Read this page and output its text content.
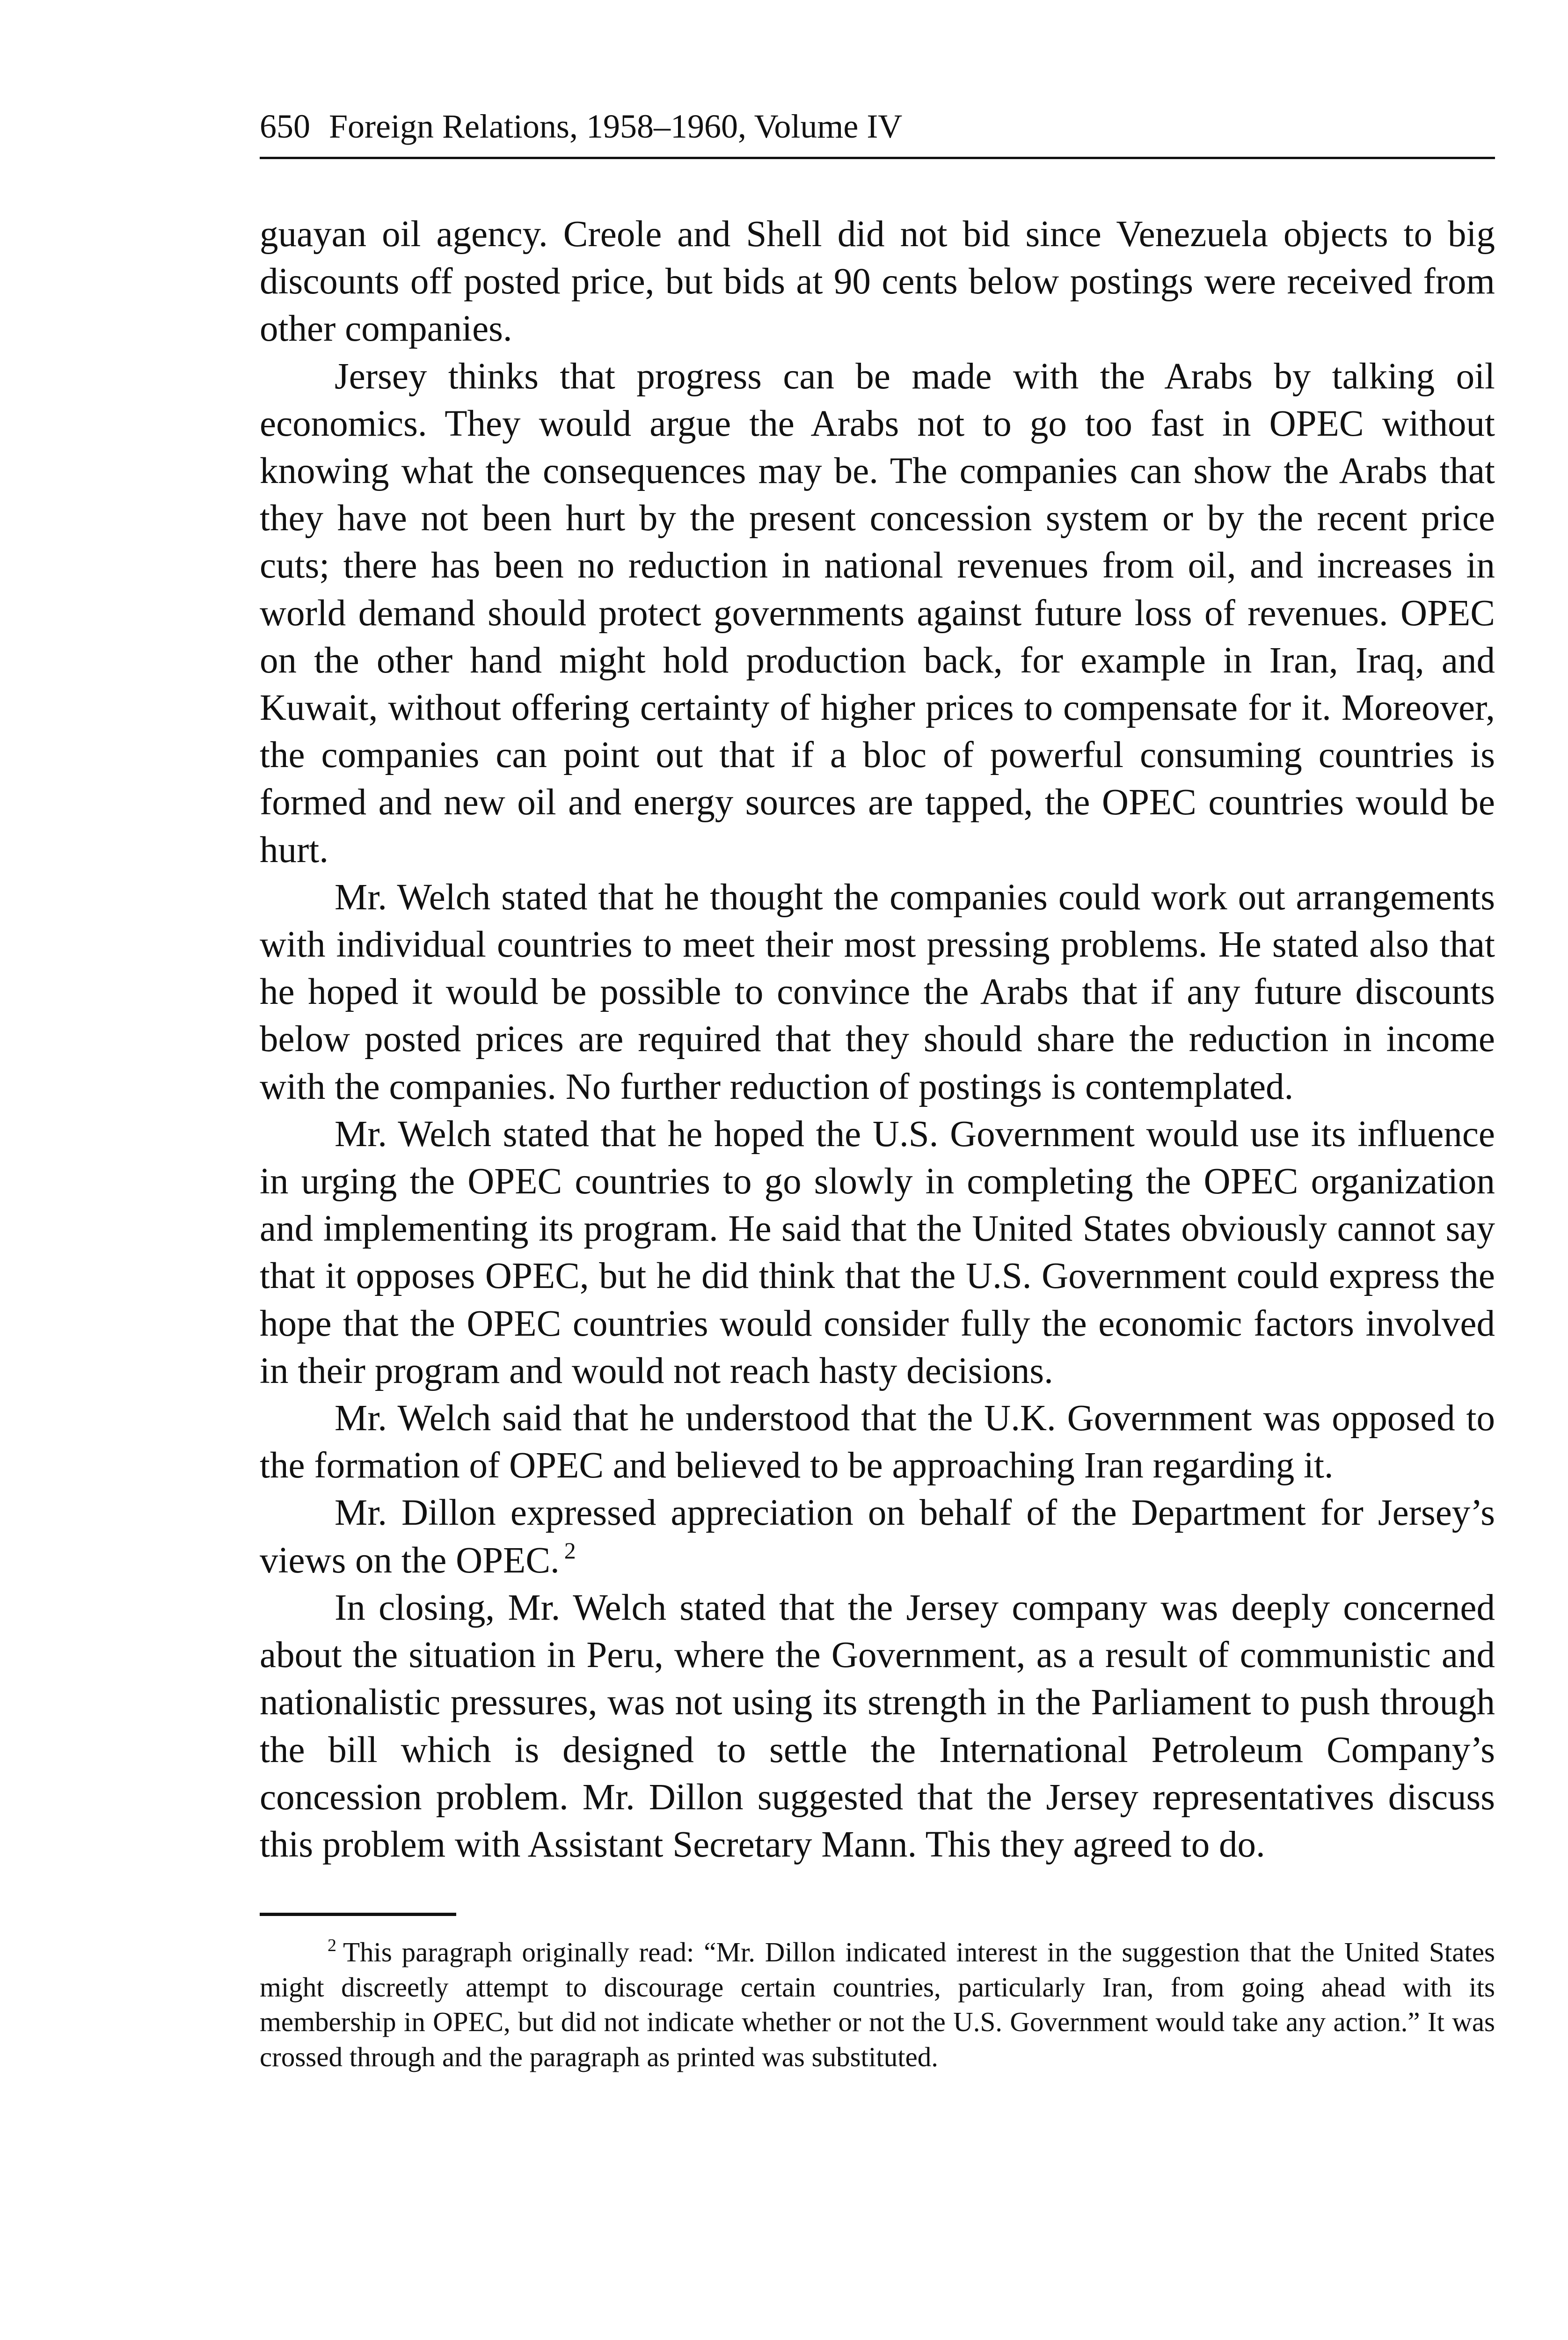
650 Foreign Relations, 1958–1960, Volume IV

guayan oil agency. Creole and Shell did not bid since Venezuela objects to big discounts off posted price, but bids at 90 cents below postings were received from other companies.

Jersey thinks that progress can be made with the Arabs by talking oil economics. They would argue the Arabs not to go too fast in OPEC without knowing what the consequences may be. The companies can show the Arabs that they have not been hurt by the present concession system or by the recent price cuts; there has been no reduction in national revenues from oil, and increases in world demand should protect governments against future loss of revenues. OPEC on the other hand might hold production back, for example in Iran, Iraq, and Kuwait, without offering certainty of higher prices to compensate for it. Moreover, the companies can point out that if a bloc of powerful consuming countries is formed and new oil and energy sources are tapped, the OPEC countries would be hurt.

Mr. Welch stated that he thought the companies could work out arrangements with individual countries to meet their most pressing problems. He stated also that he hoped it would be possible to convince the Arabs that if any future discounts below posted prices are required that they should share the reduction in income with the companies. No further reduction of postings is contemplated.

Mr. Welch stated that he hoped the U.S. Government would use its influence in urging the OPEC countries to go slowly in completing the OPEC organization and implementing its program. He said that the United States obviously cannot say that it opposes OPEC, but he did think that the U.S. Government could express the hope that the OPEC countries would consider fully the economic factors involved in their program and would not reach hasty decisions.

Mr. Welch said that he understood that the U.K. Government was opposed to the formation of OPEC and believed to be approaching Iran regarding it.

Mr. Dillon expressed appreciation on behalf of the Department for Jersey’s views on the OPEC. $^2$

In closing, Mr. Welch stated that the Jersey company was deeply concerned about the situation in Peru, where the Government, as a result of communistic and nationalistic pressures, was not using its strength in the Parliament to push through the bill which is designed to settle the International Petroleum Company’s concession problem. Mr. Dillon suggested that the Jersey representatives discuss this problem with Assistant Secretary Mann. This they agreed to do.

$^2$ This paragraph originally read: “Mr. Dillon indicated interest in the suggestion that the United States might discreetly attempt to discourage certain countries, particularly Iran, from going ahead with its membership in OPEC, but did not indicate whether or not the U.S. Government would take any action.” It was crossed through and the paragraph as printed was substituted.
